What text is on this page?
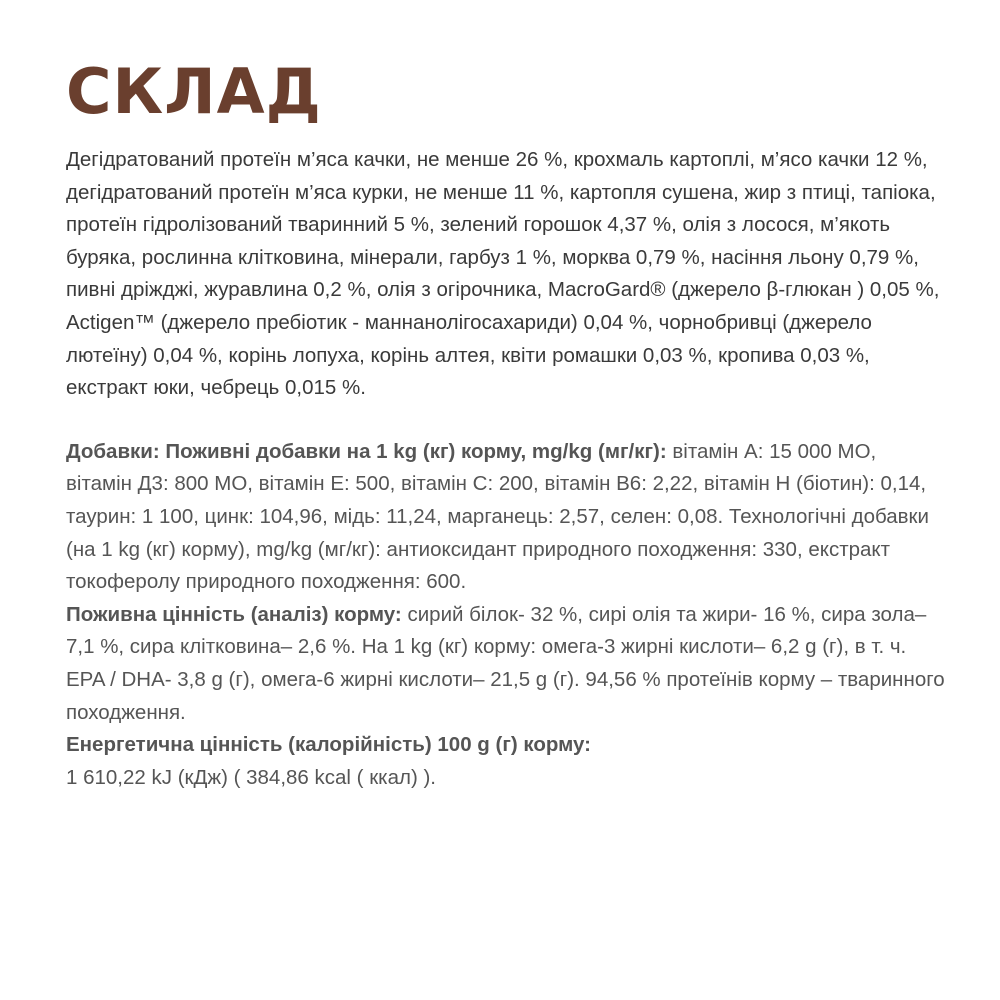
СКЛАД

Дегідратований протеїн м’яса качки, не менше 26 %, крохмаль картоплі, м’ясо качки 12 %, дегідратований протеїн м’яса курки, не менше 11 %, картопля сушена, жир з птиці, тапіока, протеїн гідролізований тваринний 5 %, зелений горошок 4,37 %, олія з лосося, м’якоть буряка, рослинна клітковина, мінерали, гарбуз 1 %, морква 0,79 %, насіння льону 0,79 %, пивні дріжджі, журавлина 0,2 %, олія з огірочника, MacroGard® (джерело β-глюкан ) 0,05 %, Actigen™ (джерело пребіотик - маннанолігосахариди) 0,04 %, чорнобривці (джерело лютеїну) 0,04 %, корінь лопуха, корінь алтея, квіти ромашки 0,03 %, кропива 0,03 %, екстракт юки, чебрець 0,015 %.

Добавки: Поживні добавки на 1 kg (кг) корму, mg/kg (мг/кг): вітамін A: 15 000 МО, вітамін Д3: 800 МО, вітамін E: 500, вітамін C: 200, вітамін B6: 2,22, вітамін H (біотин): 0,14, таурин: 1 100, цинк: 104,96, мідь: 11,24, марганець: 2,57, селен: 0,08. Технологічні добавки (на 1 kg (кг) корму), mg/kg (мг/кг): антиоксидант природного походження: 330, екстракт токоферолу природного походження: 600.

Поживна цінність (аналіз) корму: сирий білок- 32 %, сирі олія та жири- 16 %, сира зола– 7,1 %, сира клітковина– 2,6 %. На 1 kg (кг) корму: омега-3 жирні кислоти– 6,2 g (г), в т. ч. EPA / DHA- 3,8 g (г), омега-6 жирні кислоти– 21,5 g (г). 94,56 % протеїнів корму – тваринного походження.

Енергетична цінність (калорійність) 100 g (г) корму:
1 610,22 kJ (кДж) ( 384,86 kcal ( ккал) ).
